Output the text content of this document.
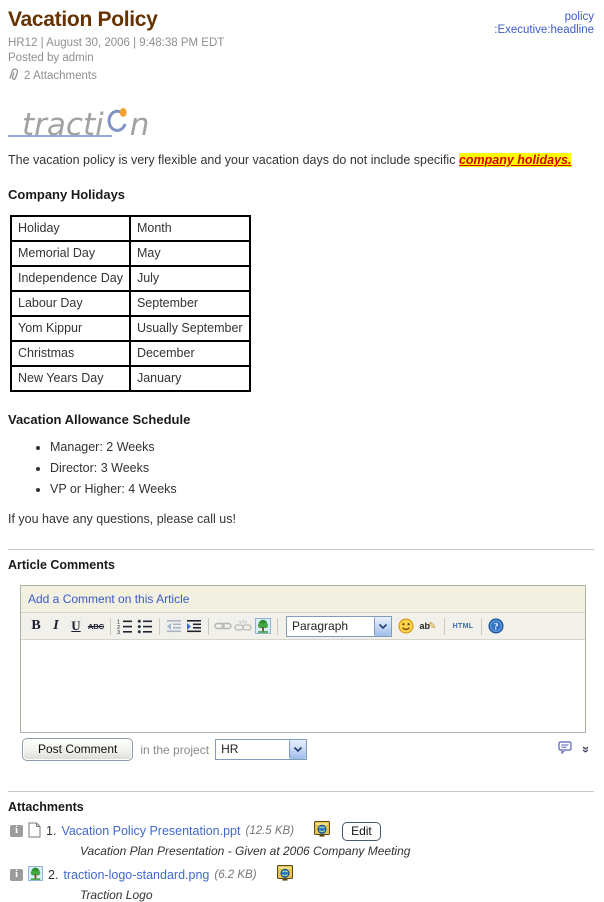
Vacation Policy
HR12 | August 30, 2006 | 9:48:38 PM EDT
Posted by admin
2 Attachments
policy
:Executive:headline
tracti n

The vacation policy is very flexible and your vacation days do not include specific company holidays.

Company Holidays
Holiday	Month
Memorial Day	May
Independence Day	July
Labour Day	September
Yom Kippur	Usually September
Christmas	December
New Years Day	January
Vacation Allowance Schedule
• Manager: 2 Weeks
• Director: 3 Weeks
• VP or Higher: 4 Weeks

If you have any questions, please call us!

Article Comments
Add a Comment on this Article
B I U ABC 1
2
3
Paragraph	ab
✎ HTML ?
Post Comment	in the project	HR	«
Attachments
i	1. Vacation Policy Presentation.ppt (12.5 KB)	Edit
Vacation Plan Presentation - Given at 2006 Company Meeting
i	2. traction-logo-standard.png (6.2 KB)
Traction Logo
